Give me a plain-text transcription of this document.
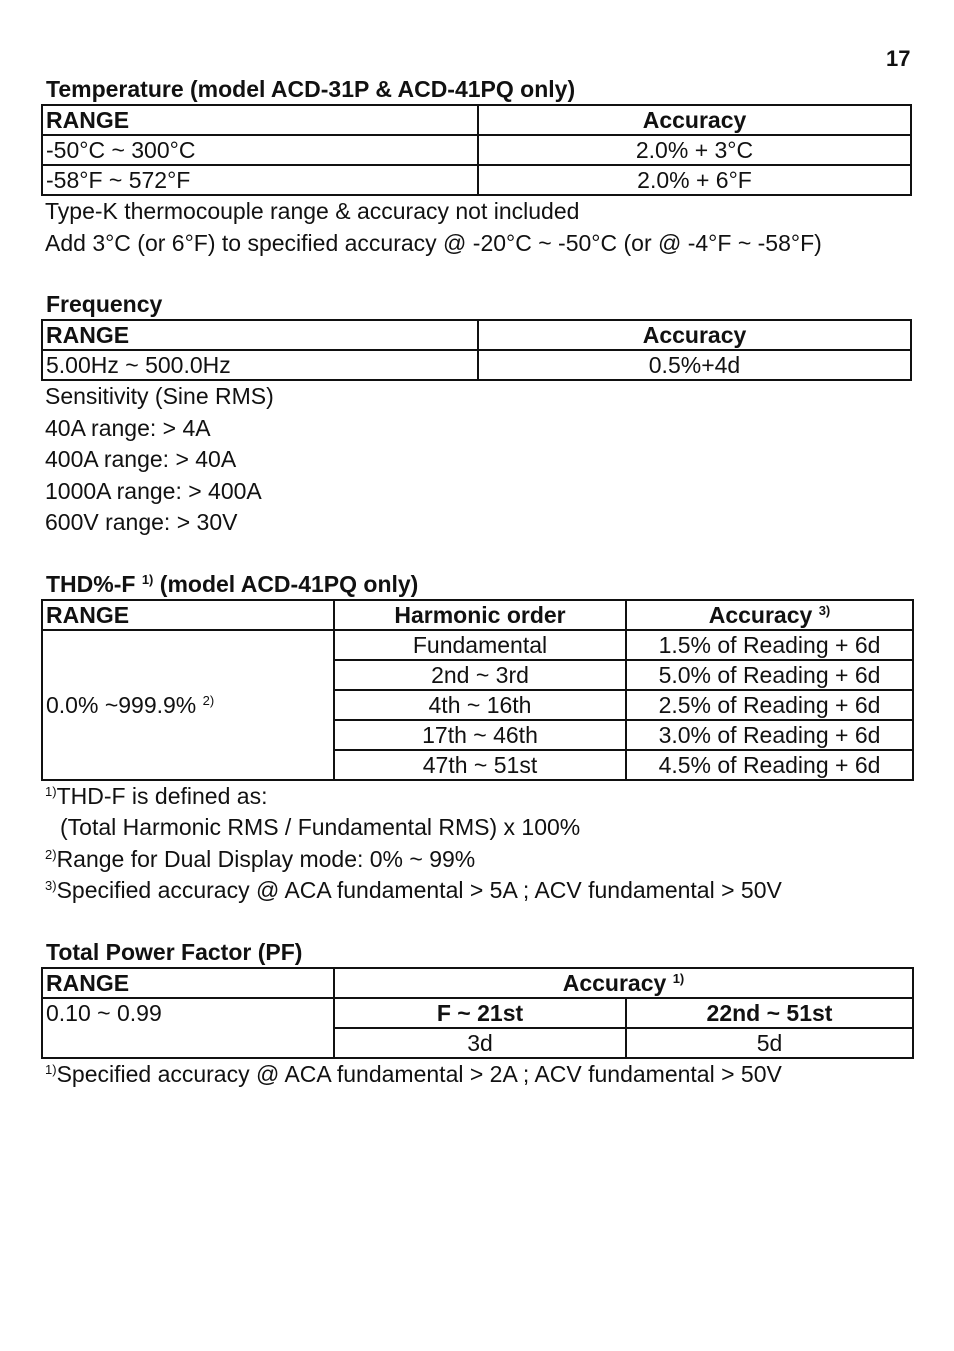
17
Temperature (model ACD-31P & ACD-41PQ only)
RANGE	Accuracy
-50°C ~ 300°C	2.0% + 3°C
-58°F ~ 572°F	2.0% + 6°F
Type-K thermocouple range & accuracy not included
Add 3°C (or 6°F) to specified accuracy @ -20°C ~ -50°C (or @ -4°F ~ -58°F)
Frequency
RANGE	Accuracy
5.00Hz ~ 500.0Hz	0.5%+4d
Sensitivity (Sine RMS)
40A range: > 4A
400A range: > 40A
1000A range: > 400A
600V range: > 30V
THD%-F $^{1)}$ (model ACD-41PQ only)
RANGE	Harmonic order	Accuracy $^{3)}$
0.0% ~999.9% $^{2)}$	Fundamental	1.5% of Reading + 6d
	2nd ~ 3rd	5.0% of Reading + 6d
	4th ~ 16th	2.5% of Reading + 6d
	17th ~ 46th	3.0% of Reading + 6d
	47th ~ 51st	4.5% of Reading + 6d
$^{1)}$THD-F is defined as:
(Total Harmonic RMS / Fundamental RMS) x 100%
$^{2)}$Range for Dual Display mode: 0% ~ 99%
$^{3)}$Specified accuracy @ ACA fundamental > 5A ; ACV fundamental > 50V
Total Power Factor (PF)
RANGE	Accuracy $^{1)}$
0.10 ~ 0.99	F ~ 21st	22nd ~ 51st
	3d	5d
$^{1)}$Specified accuracy @ ACA fundamental > 2A ; ACV fundamental > 50V
